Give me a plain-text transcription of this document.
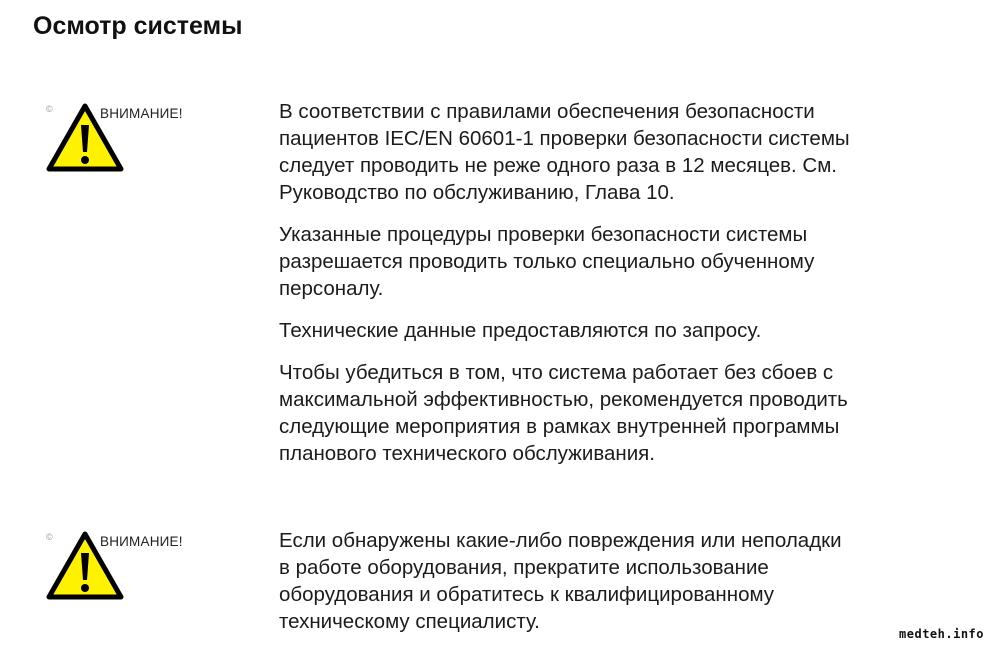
Осмотр системы
©	ВНИМАНИЕ!	В соответствии с правилами обеспечения безопасности
пациентов IEC/EN 60601-1 проверки безопасности системы
следует проводить не реже одного раза в 12 месяцев. См.
Руководство по обслуживанию, Глава 10.

Указанные процедуры проверки безопасности системы
разрешается проводить только специально обученному
персоналу.

Технические данные предоставляются по запросу.

Чтобы убедиться в том, что система работает без сбоев с
максимальной эффективностью, рекомендуется проводить
следующие мероприятия в рамках внутренней программы
планового технического обслуживания.

©	ВНИМАНИЕ!	Если обнаружены какие-либо повреждения или неполадки
в работе оборудования, прекратите использование
оборудования и обратитесь к квалифицированному
техническому специалисту.

medteh.info
